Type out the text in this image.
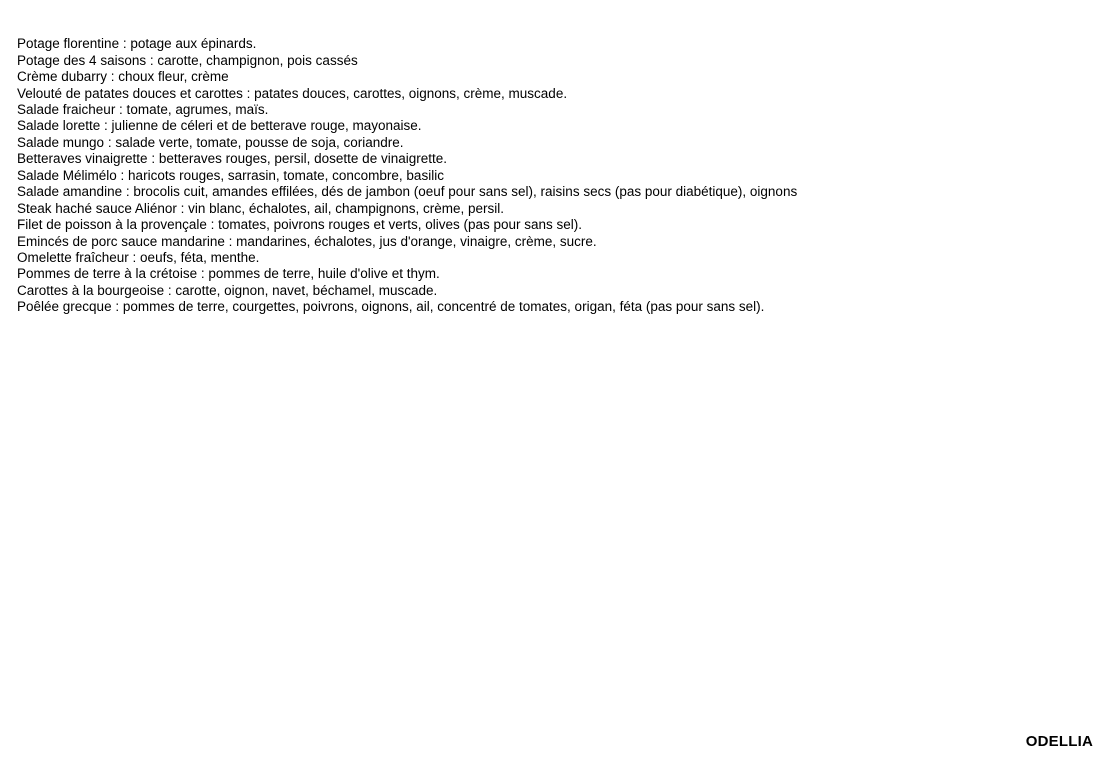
Potage florentine : potage aux épinards.
Potage des 4 saisons : carotte, champignon, pois cassés
Crème dubarry : choux fleur, crème
Velouté de patates douces et carottes : patates douces, carottes, oignons, crème, muscade.
Salade fraicheur : tomate, agrumes, maïs.
Salade lorette : julienne de céleri et de betterave rouge, mayonaise.
Salade mungo : salade verte, tomate, pousse de soja, coriandre.
Betteraves vinaigrette : betteraves rouges, persil, dosette de vinaigrette.
Salade Mélimélo : haricots rouges, sarrasin, tomate, concombre, basilic
Salade amandine : brocolis cuit, amandes effilées, dés de jambon (oeuf pour sans sel), raisins secs (pas pour diabétique), oignons
Steak haché sauce Aliénor : vin blanc, échalotes, ail, champignons, crème, persil.
Filet de poisson à la provençale : tomates, poivrons rouges et verts, olives (pas pour sans sel).
Emincés de porc sauce mandarine : mandarines, échalotes, jus d'orange, vinaigre, crème, sucre.
Omelette fraîcheur : oeufs, féta, menthe.
Pommes de terre à la crétoise : pommes de terre, huile d'olive et thym.
Carottes à la bourgeoise : carotte, oignon, navet, béchamel, muscade.
Poêlée grecque : pommes de terre, courgettes, poivrons, oignons, ail, concentré de tomates, origan, féta (pas pour sans sel).
ODELLIA
